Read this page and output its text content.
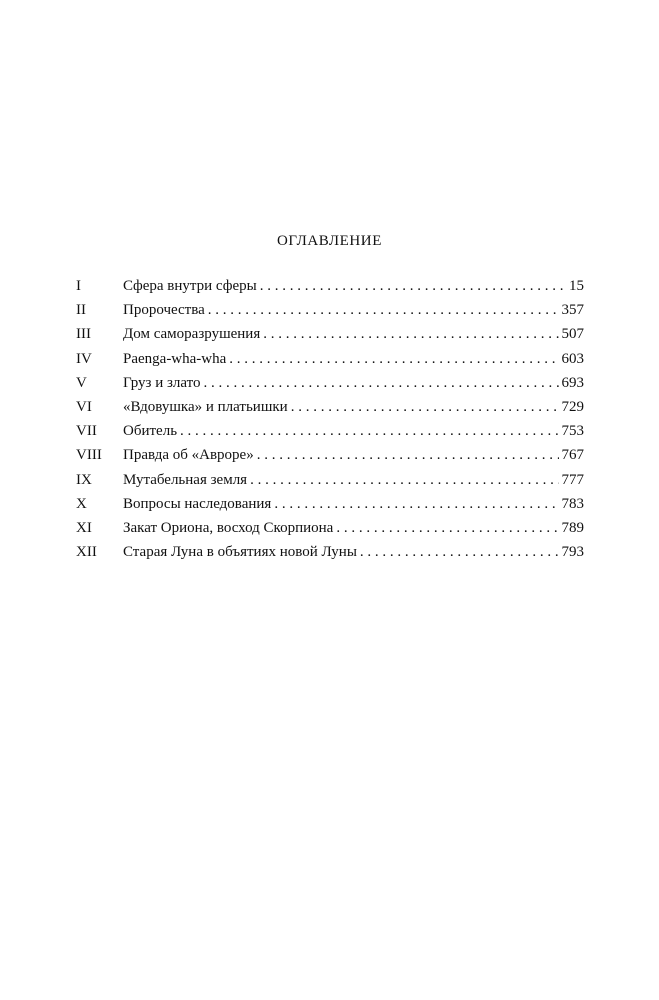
ОГЛАВЛЕНИЕ
I	Сфера внутри сферы . . .	15
II	Пророчества . . .	357
III	Дом саморазрушения . . .	507
IV	Paenga-wha-wha . . .	603
V	Груз и злато . . .	693
VI	«Вдовушка» и платьишки . . .	729
VII	Обитель . . .	753
VIII	Правда об «Авроре» . . .	767
IX	Мутабельная земля . . .	777
X	Вопросы наследования . . .	783
XI	Закат Ориона, восход Скорпиона . . .	789
XII	Старая Луна в объятиях новой Луны . . .	793
